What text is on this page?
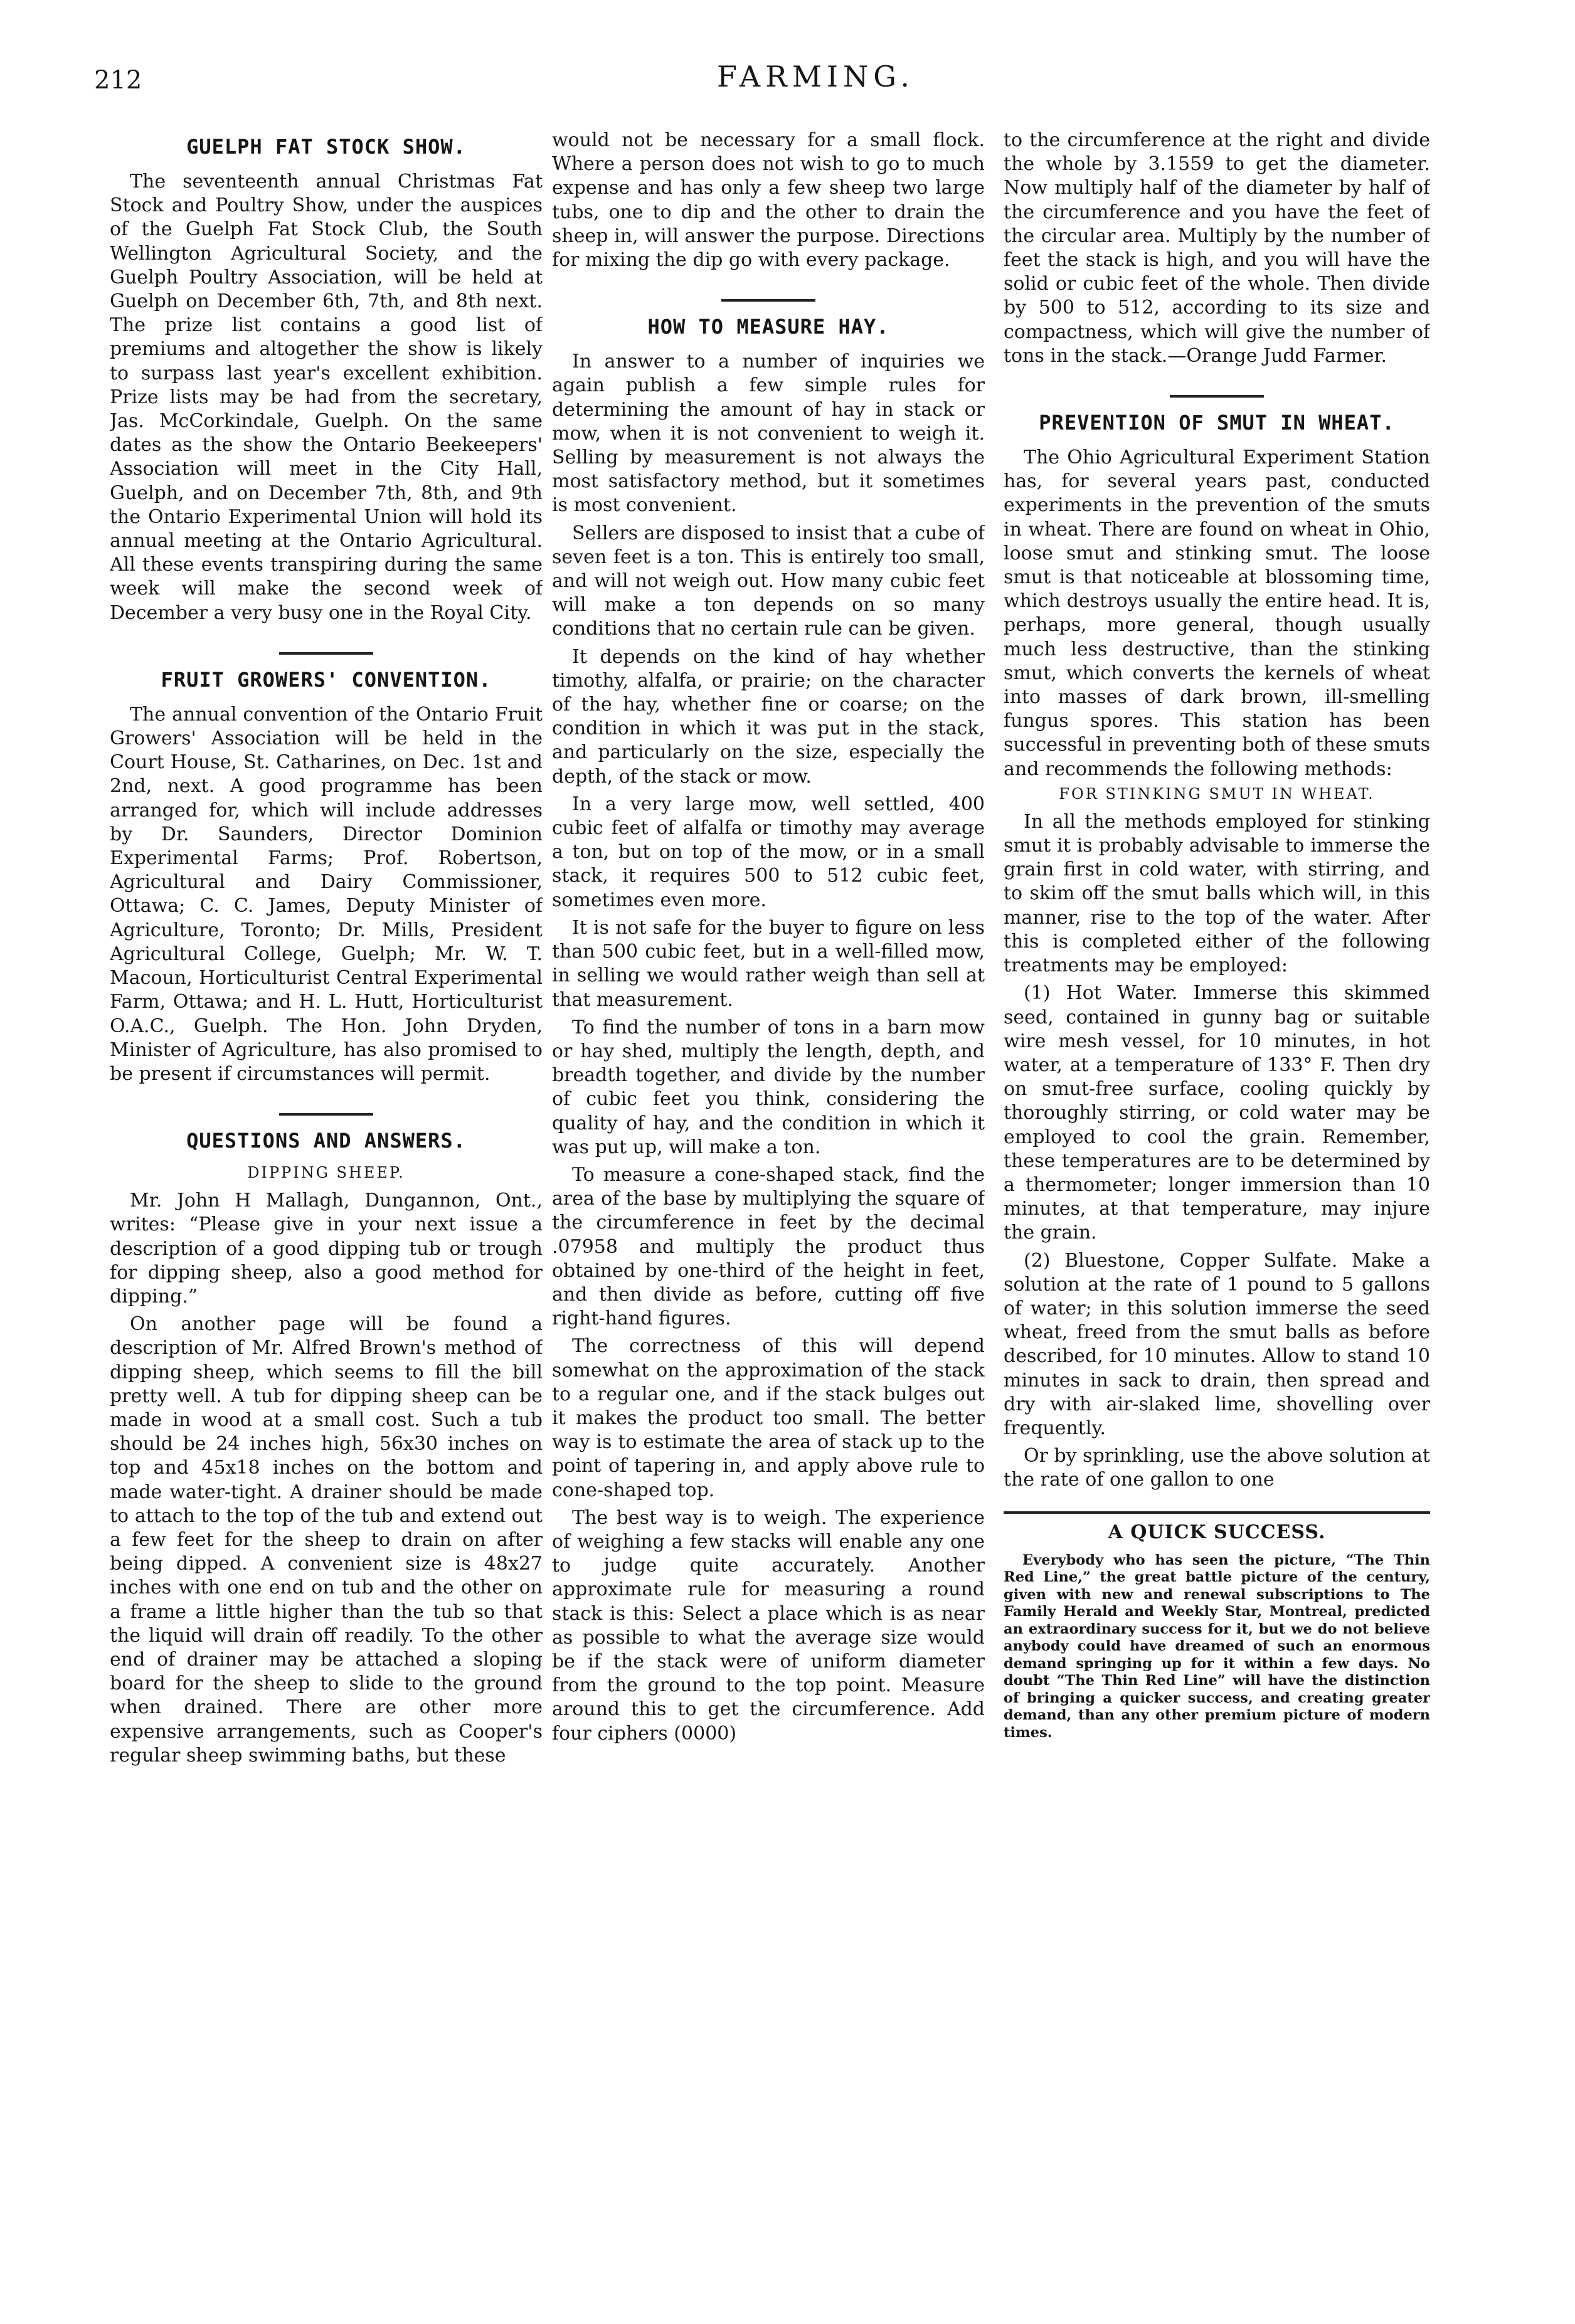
212	FARMING.
GUELPH FAT STOCK SHOW.

The seventeenth annual Christmas Fat Stock and Poultry Show, under the auspices of the Guelph Fat Stock Club, the South Wellington Agricultural Society, and the Guelph Poultry Association, will be held at Guelph on December 6th, 7th, and 8th next. The prize list contains a good list of premiums and altogether the show is likely to surpass last year's excellent exhibition. Prize lists may be had from the secretary, Jas. McCorkindale, Guelph. On the same dates as the show the Ontario Beekeepers' Association will meet in the City Hall, Guelph, and on December 7th, 8th, and 9th the Ontario Experimental Union will hold its annual meeting at the Ontario Agricultural. All these events transpiring during the same week will make the second week of December a very busy one in the Royal City.

FRUIT GROWERS' CONVENTION.

The annual convention of the Ontario Fruit Growers' Association will be held in the Court House, St. Catharines, on Dec. 1st and 2nd, next. A good programme has been arranged for, which will include addresses by Dr. Saunders, Director Dominion Experimental Farms; Prof. Robertson, Agricultural and Dairy Commissioner, Ottawa; C. C. James, Deputy Minister of Agriculture, Toronto; Dr. Mills, President Agricultural College, Guelph; Mr. W. T. Macoun, Horticulturist Central Experimental Farm, Ottawa; and H. L. Hutt, Horticulturist O.A.C., Guelph. The Hon. John Dryden, Minister of Agriculture, has also promised to be present if circumstances will permit.

QUESTIONS AND ANSWERS.
DIPPING SHEEP.

Mr. John H Mallagh, Dungannon, Ont., writes: “Please give in your next issue a description of a good dipping tub or trough for dipping sheep, also a good method for dipping.”

On another page will be found a description of Mr. Alfred Brown's method of dipping sheep, which seems to fill the bill pretty well. A tub for dipping sheep can be made in wood at a small cost. Such a tub should be 24 inches high, 56x30 inches on top and 45x18 inches on the bottom and made water-tight. A drainer should be made to attach to the top of the tub and extend out a few feet for the sheep to drain on after being dipped. A convenient size is 48x27 inches with one end on tub and the other on a frame a little higher than the tub so that the liquid will drain off readily. To the other end of drainer may be attached a sloping board for the sheep to slide to the ground when drained. There are other more expensive arrangements, such as Cooper's regular sheep swimming baths, but these

would not be necessary for a small flock. Where a person does not wish to go to much expense and has only a few sheep two large tubs, one to dip and the other to drain the sheep in, will answer the purpose. Directions for mixing the dip go with every package.

HOW TO MEASURE HAY.

In answer to a number of inquiries we again publish a few simple rules for determining the amount of hay in stack or mow, when it is not convenient to weigh it. Selling by measurement is not always the most satisfactory method, but it sometimes is most convenient.

Sellers are disposed to insist that a cube of seven feet is a ton. This is entirely too small, and will not weigh out. How many cubic feet will make a ton depends on so many conditions that no certain rule can be given.

It depends on the kind of hay whether timothy, alfalfa, or prairie; on the character of the hay, whether fine or coarse; on the condition in which it was put in the stack, and particularly on the size, especially the depth, of the stack or mow.

In a very large mow, well settled, 400 cubic feet of alfalfa or timothy may average a ton, but on top of the mow, or in a small stack, it requires 500 to 512 cubic feet, sometimes even more.

It is not safe for the buyer to figure on less than 500 cubic feet, but in a well-filled mow, in selling we would rather weigh than sell at that measurement.

To find the number of tons in a barn mow or hay shed, multiply the length, depth, and breadth together, and divide by the number of cubic feet you think, considering the quality of hay, and the condition in which it was put up, will make a ton.

To measure a cone-shaped stack, find the area of the base by multiplying the square of the circumference in feet by the decimal .07958 and multiply the product thus obtained by one-third of the height in feet, and then divide as before, cutting off five right-hand figures.

The correctness of this will depend somewhat on the approximation of the stack to a regular one, and if the stack bulges out it makes the product too small. The better way is to estimate the area of stack up to the point of tapering in, and apply above rule to cone-shaped top.

The best way is to weigh. The experience of weighing a few stacks will enable any one to judge quite accurately. Another approximate rule for measuring a round stack is this: Select a place which is as near as possible to what the average size would be if the stack were of uniform diameter from the ground to the top point. Measure around this to get the circumference. Add four ciphers (0000)

to the circumference at the right and divide the whole by 3.1559 to get the diameter. Now multiply half of the diameter by half of the circumference and you have the feet of the circular area. Multiply by the number of feet the stack is high, and you will have the solid or cubic feet of the whole. Then divide by 500 to 512, according to its size and compactness, which will give the number of tons in the stack.—Orange Judd Farmer.

PREVENTION OF SMUT IN WHEAT.

The Ohio Agricultural Experiment Station has, for several years past, conducted experiments in the prevention of the smuts in wheat. There are found on wheat in Ohio, loose smut and stinking smut. The loose smut is that noticeable at blossoming time, which destroys usually the entire head. It is, perhaps, more general, though usually much less destructive, than the stinking smut, which converts the kernels of wheat into masses of dark brown, ill-smelling fungus spores. This station has been successful in preventing both of these smuts and recommends the following methods:

FOR STINKING SMUT IN WHEAT.

In all the methods employed for stinking smut it is probably advisable to immerse the grain first in cold water, with stirring, and to skim off the smut balls which will, in this manner, rise to the top of the water. After this is completed either of the following treatments may be employed:

(1) Hot Water. Immerse this skimmed seed, contained in gunny bag or suitable wire mesh vessel, for 10 minutes, in hot water, at a temperature of 133° F. Then dry on smut-free surface, cooling quickly by thoroughly stirring, or cold water may be employed to cool the grain. Remember, these temperatures are to be determined by a thermometer; longer immersion than 10 minutes, at that temperature, may injure the grain.

(2) Bluestone, Copper Sulfate. Make a solution at the rate of 1 pound to 5 gallons of water; in this solution immerse the seed wheat, freed from the smut balls as before described, for 10 minutes. Allow to stand 10 minutes in sack to drain, then spread and dry with air-slaked lime, shovelling over frequently.

Or by sprinkling, use the above solution at the rate of one gallon to one

A QUICK SUCCESS.

Everybody who has seen the picture, “The Thin Red Line,” the great battle picture of the century, given with new and renewal subscriptions to The Family Herald and Weekly Star, Montreal, predicted an extraordinary success for it, but we do not believe anybody could have dreamed of such an enormous demand springing up for it within a few days. No doubt “The Thin Red Line” will have the distinction of bringing a quicker success, and creating greater demand, than any other premium picture of modern times.
